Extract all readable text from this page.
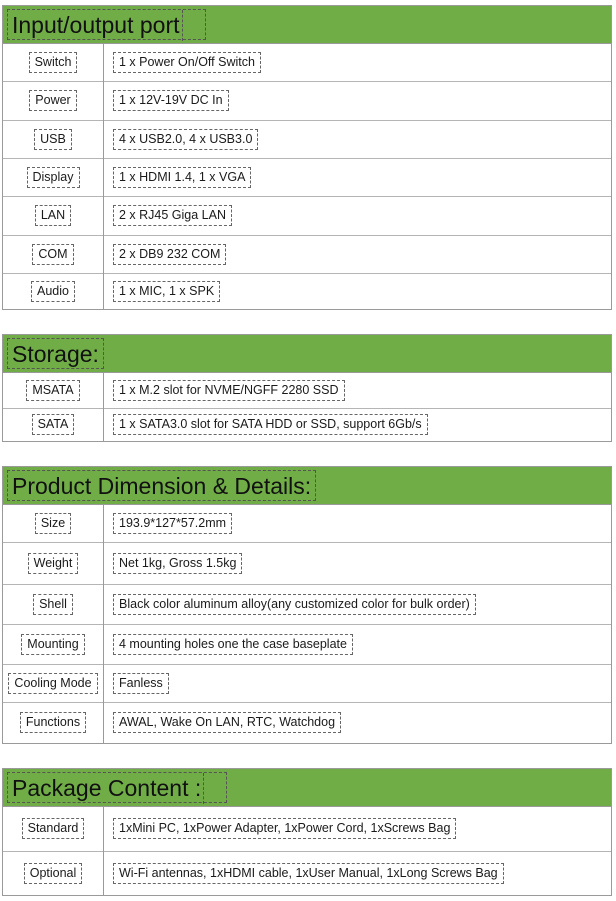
Input/output port
Switch	1 x Power On/Off Switch
Power	1 x 12V-19V DC In
USB	4 x USB2.0, 4 x USB3.0
Display	1 x HDMI 1.4, 1 x VGA
LAN	2 x RJ45 Giga LAN
COM	2 x DB9 232 COM
Audio	1 x MIC, 1 x SPK
Storage:
MSATA	1 x M.2 slot for NVME/NGFF 2280 SSD
SATA	1 x SATA3.0 slot for SATA HDD or SSD, support 6Gb/s
Product Dimension & Details:
Size	193.9*127*57.2mm
Weight	Net 1kg, Gross 1.5kg
Shell	Black color aluminum alloy(any customized color for bulk order)
Mounting	4 mounting holes one the case baseplate
Cooling Mode	Fanless
Functions	AWAL, Wake On LAN, RTC, Watchdog
Package Content :
Standard	1xMini PC, 1xPower Adapter, 1xPower Cord, 1xScrews Bag
Optional	Wi-Fi antennas, 1xHDMI cable, 1xUser Manual, 1xLong Screws Bag
